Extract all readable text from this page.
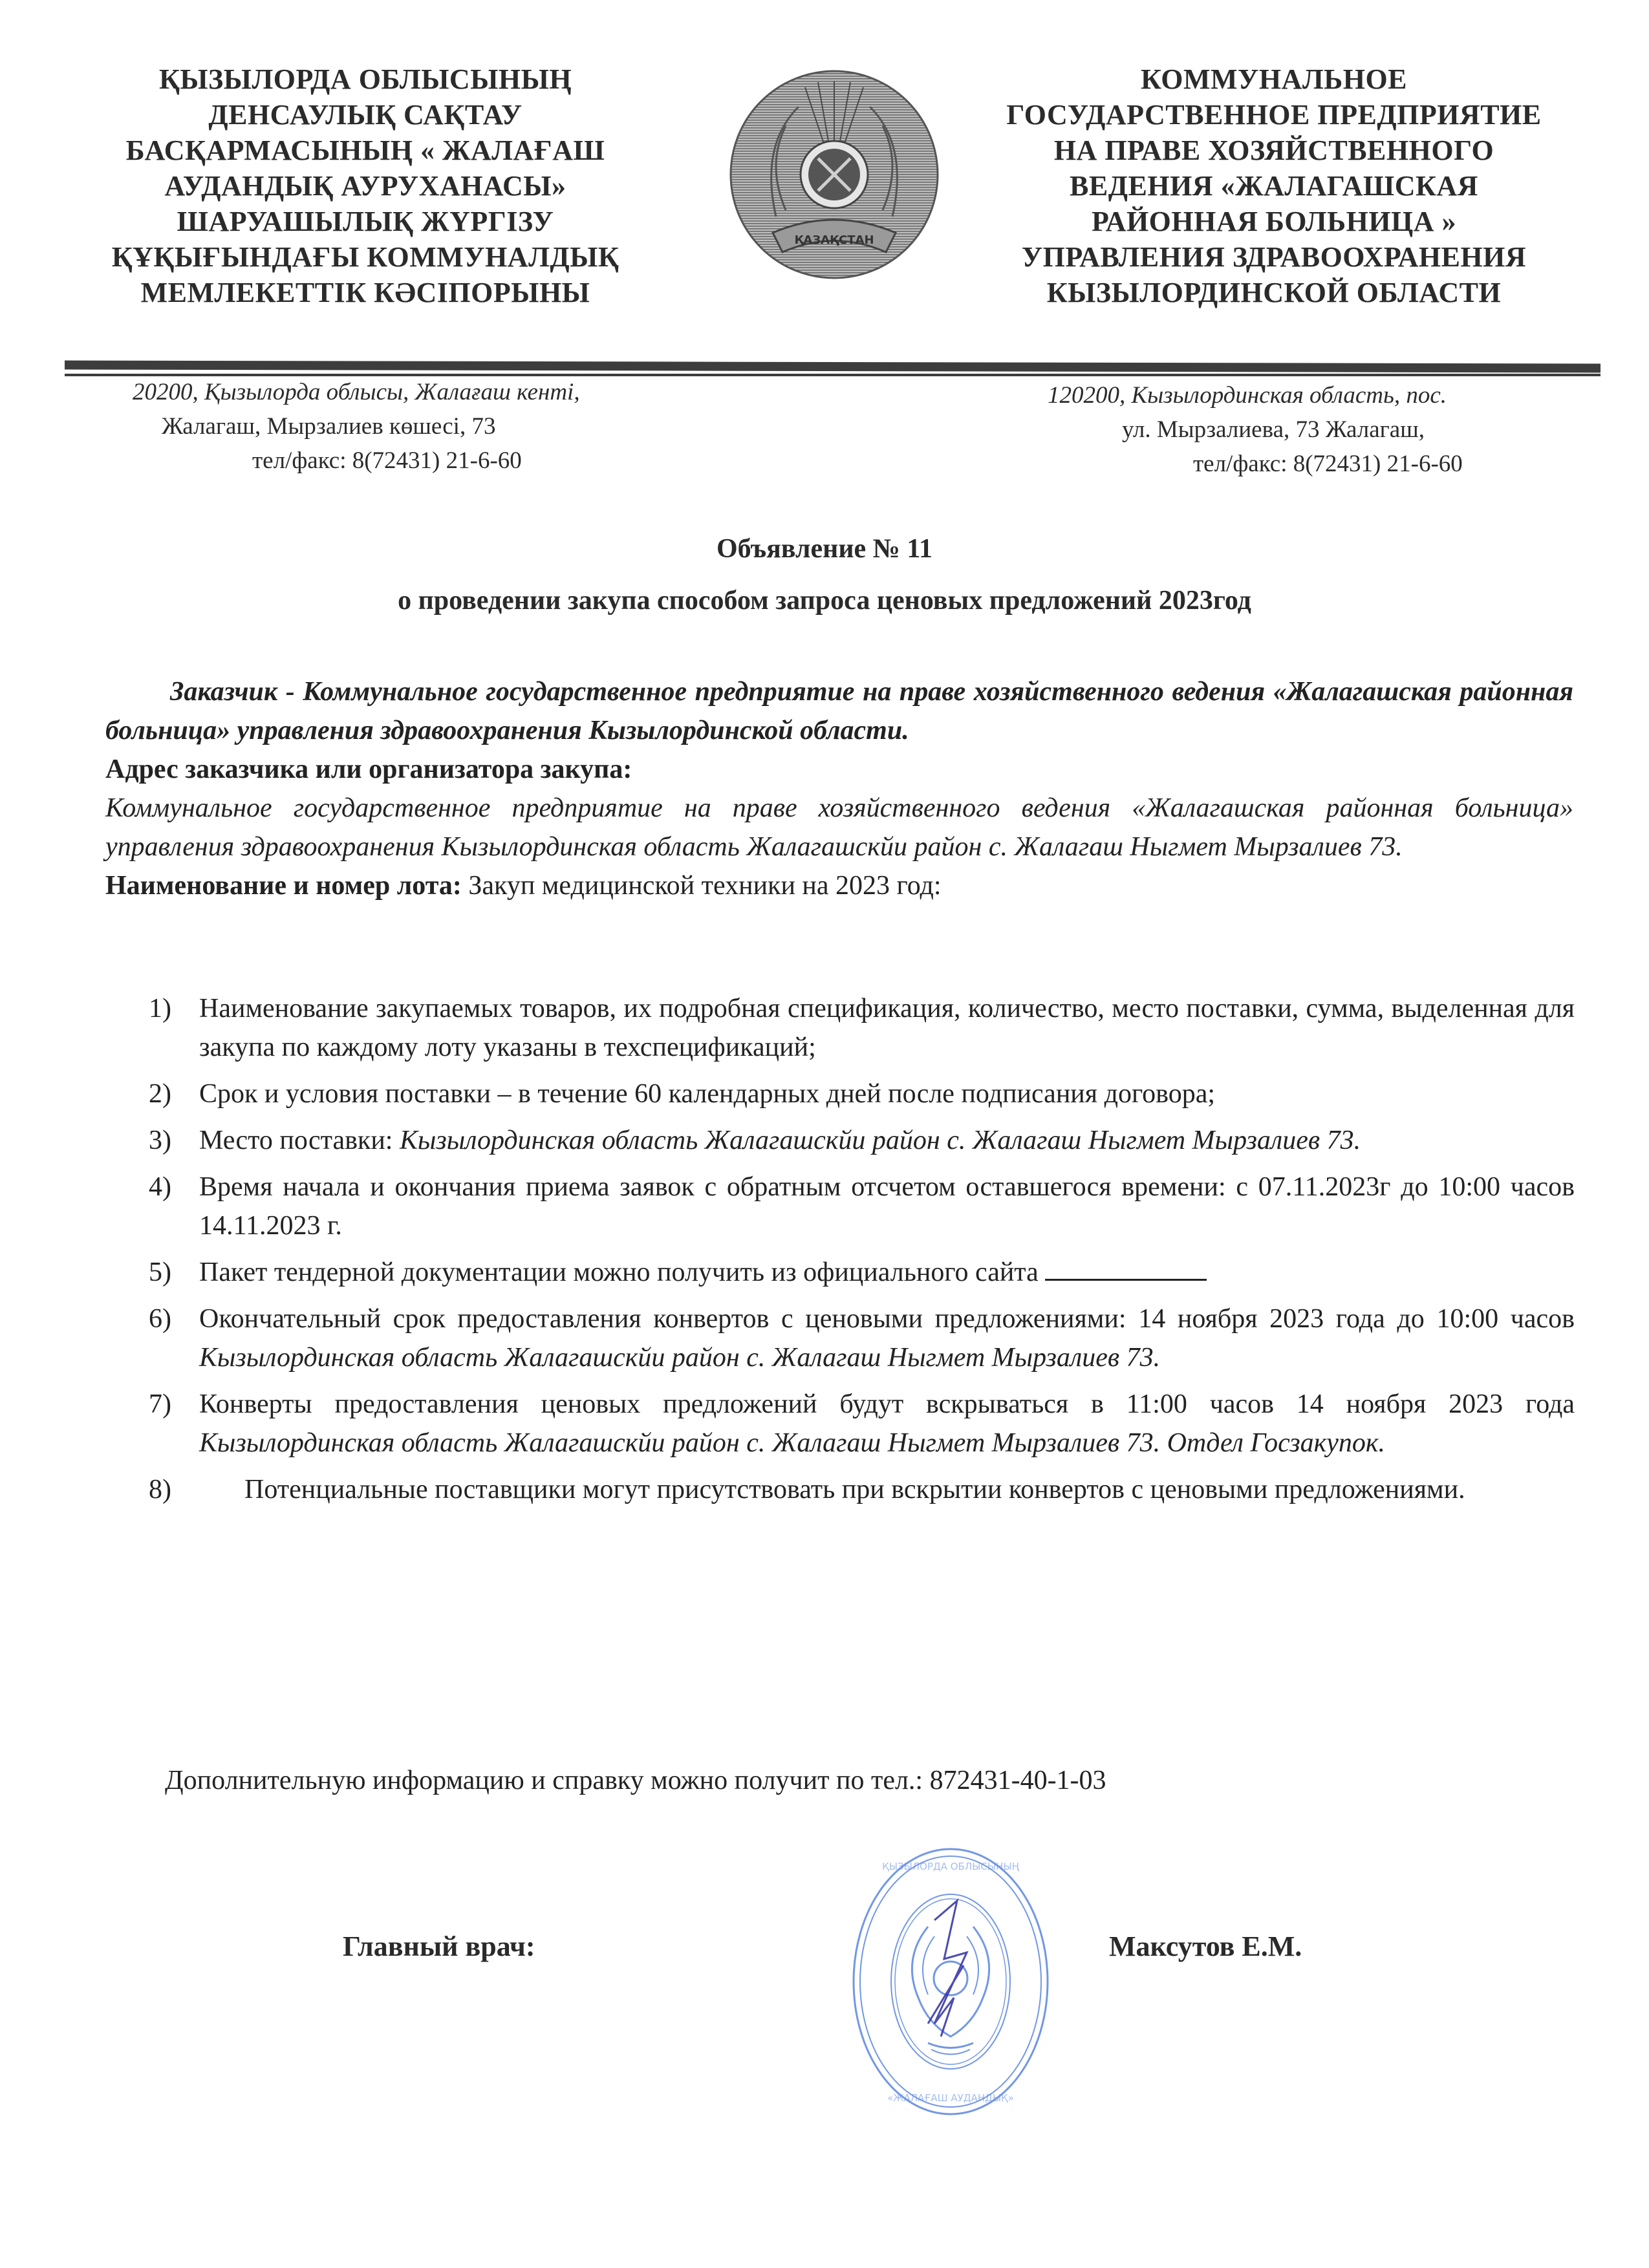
ҚЫЗЫЛОРДА ОБЛЫСЫНЫҢ
ДЕНСАУЛЫҚ САҚТАУ
БАСҚАРМАСЫНЫҢ « ЖАЛАҒАШ
АУДАНДЫҚ АУРУХАНАСЫ»
ШАРУАШЫЛЫҚ ЖҮРГІЗУ
ҚҰҚЫҒЫНДАҒЫ КОММУНАЛДЫҚ
МЕМЛЕКЕТТІК КӘСІПОРЫНЫ
ҚАЗАҚСТАН
КОММУНАЛЬНОЕ
ГОСУДАРСТВЕННОЕ ПРЕДПРИЯТИЕ
НА ПРАВЕ ХОЗЯЙСТВЕННОГО
ВЕДЕНИЯ «ЖАЛАГАШСКАЯ
РАЙОННАЯ БОЛЬНИЦА »
УПРАВЛЕНИЯ ЗДРАВООХРАНЕНИЯ
КЫЗЫЛОРДИНСКОЙ ОБЛАСТИ
20200, Қызылорда облысы, Жалағаш кенті,
Жалагаш, Мырзалиев көшесі, 73
тел/факс: 8(72431) 21-6-60
120200, Кызылординская область, пос.
ул. Мырзалиева, 73 Жалагаш,
тел/факс: 8(72431) 21-6-60
Объявление № 11
о проведении закупа способом запроса ценовых предложений 2023год
Заказчик - Коммунальное государственное предприятие на праве хозяйственного ведения «Жалагашская районная больница» управления здравоохранения Кызылординской области.
Адрес заказчика или организатора закупа:
Коммунальное государственное предприятие на праве хозяйственного ведения «Жалагашская районная больница» управления здравоохранения Кызылординская область Жалагашскйи район с. Жалагаш Ныгмет Мырзалиев 73.
Наименование и номер лота: Закуп медицинской техники на 2023 год:
1)	Наименование закупаемых товаров, их подробная спецификация, количество, место поставки, сумма, выделенная для закупа по каждому лоту указаны в техспецификаций;
2)	Срок и условия поставки – в течение 60 календарных дней после подписания договора;
3)	Место поставки: Кызылординская область Жалагашскйи район с. Жалагаш Ныгмет Мырзалиев 73.
4)	Время начала и окончания приема заявок с обратным отсчетом оставшегося времени: с 07.11.2023г до 10:00 часов 14.11.2023 г.
5)	Пакет тендерной документации можно получить из официального сайта
6)	Окончательный срок предоставления конвертов с ценовыми предложениями: 14 ноября 2023 года до 10:00 часов Кызылординская область Жалагашскйи район с. Жалагаш Ныгмет Мырзалиев 73.
7)	Конверты предоставления ценовых предложений будут вскрываться в 11:00 часов 14 ноября 2023 года Кызылординская область Жалагашскйи район с. Жалагаш Ныгмет Мырзалиев 73. Отдел Госзакупок.
8)	Потенциальные поставщики могут присутствовать при вскрытии конвертов с ценовыми предложениями.
Дополнительную информацию и справку можно получит по тел.: 872431-40-1-03
ҚЫЗЫЛОРДА ОБЛЫСЫНЫҢ
«ЖАЛАҒАШ АУДАНДЫҚ»
Главный врач:	Максутов Е.М.
